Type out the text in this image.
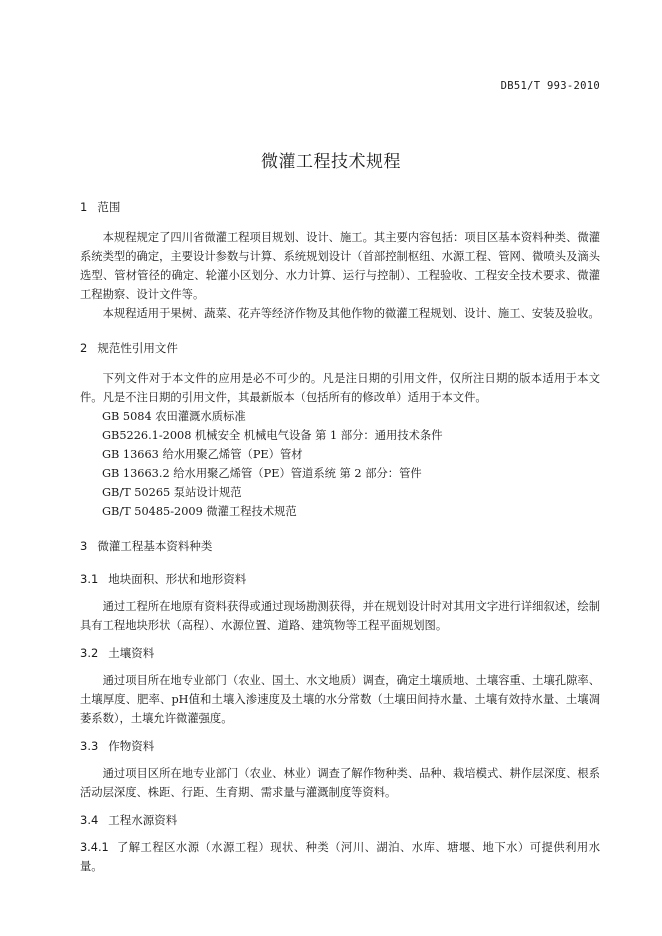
DB51/T 993-2010
微灌工程技术规程
1 范围

本规程规定了四川省微灌工程项目规划、设计、施工。其主要内容包括：项目区基本资料种类、微灌系统类型的确定，主要设计参数与计算、系统规划设计（首部控制枢纽、水源工程、管网、微喷头及滴头选型、管材管径的确定、轮灌小区划分、水力计算、运行与控制）、工程验收、工程安全技术要求、微灌工程勘察、设计文件等。

本规程适用于果树、蔬菜、花卉等经济作物及其他作物的微灌工程规划、设计、施工、安装及验收。

2 规范性引用文件

下列文件对于本文件的应用是必不可少的。凡是注日期的引用文件，仅所注日期的版本适用于本文件。凡是不注日期的引用文件，其最新版本（包括所有的修改单）适用于本文件。

GB 5084 农田灌溉水质标准

GB5226.1-2008 机械安全 机械电气设备 第 1 部分：通用技术条件

GB 13663 给水用聚乙烯管（PE）管材

GB 13663.2 给水用聚乙烯管（PE）管道系统 第 2 部分：管件

GB/T 50265 泵站设计规范

GB/T 50485-2009 微灌工程技术规范

3 微灌工程基本资料种类
3.1 地块面积、形状和地形资料

通过工程所在地原有资料获得或通过现场勘测获得，并在规划设计时对其用文字进行详细叙述，绘制具有工程地块形状（高程）、水源位置、道路、建筑物等工程平面规划图。

3.2 土壤资料

通过项目所在地专业部门（农业、国土、水文地质）调查，确定土壤质地、土壤容重、土壤孔隙率、土壤厚度、肥率、pH值和土壤入渗速度及土壤的水分常数（土壤田间持水量、土壤有效持水量、土壤凋萎系数），土壤允许微灌强度。

3.3 作物资料

通过项目区所在地专业部门（农业、林业）调查了解作物种类、品种、栽培模式、耕作层深度、根系活动层深度、株距、行距、生育期、需求量与灌溉制度等资料。

3.4 工程水源资料

3.4.1 了解工程区水源（水源工程）现状、种类（河川、湖泊、水库、塘堰、地下水）可提供利用水量。
